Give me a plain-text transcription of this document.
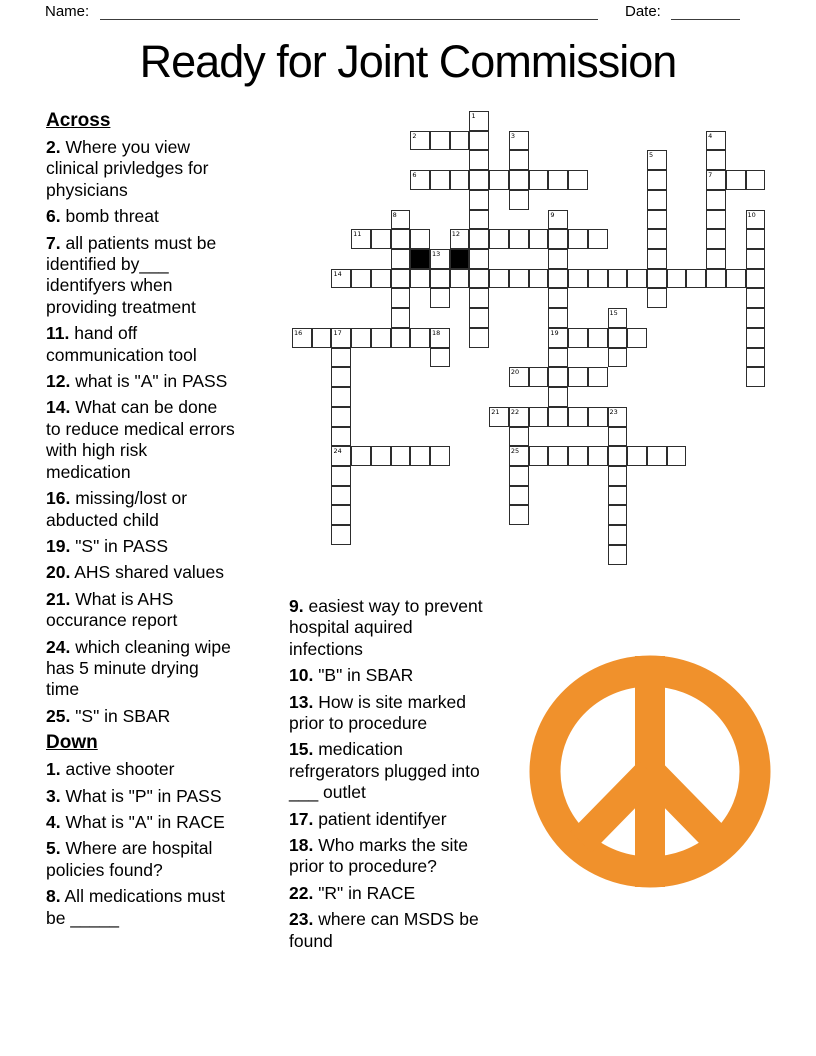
Name:	Date:
Ready for Joint Commission
Across

2. Where you view clinical privledges for physicians

6. bomb threat

7. all patients must be identified by___ identifyers when providing treatment

11. hand off communication tool

12. what is "A" in PASS

14. What can be done to reduce medical errors with high risk medication

16. missing/lost or abducted child

19. "S" in PASS

20. AHS shared values

21. What is AHS occurance report

24. which cleaning wipe has 5 minute drying time

25. "S" in SBAR

Down

1. active shooter

3. What is "P" in PASS

4. What is "A" in RACE

5. Where are hospital policies found?

8. All medications must be _____

9. easiest way to prevent hospital aquired infections

10. "B" in SBAR

13. How is site marked prior to procedure

15. medication refrgerators plugged into ___ outlet

17. patient identifyer

18. Who marks the site prior to procedure?

22. "R" in RACE

23. where can MSDS be found

1
2	3	4
7
5
6
8	9
19
10
11	12
13
14
15
16	17	18
24
20
21 22	23
25
